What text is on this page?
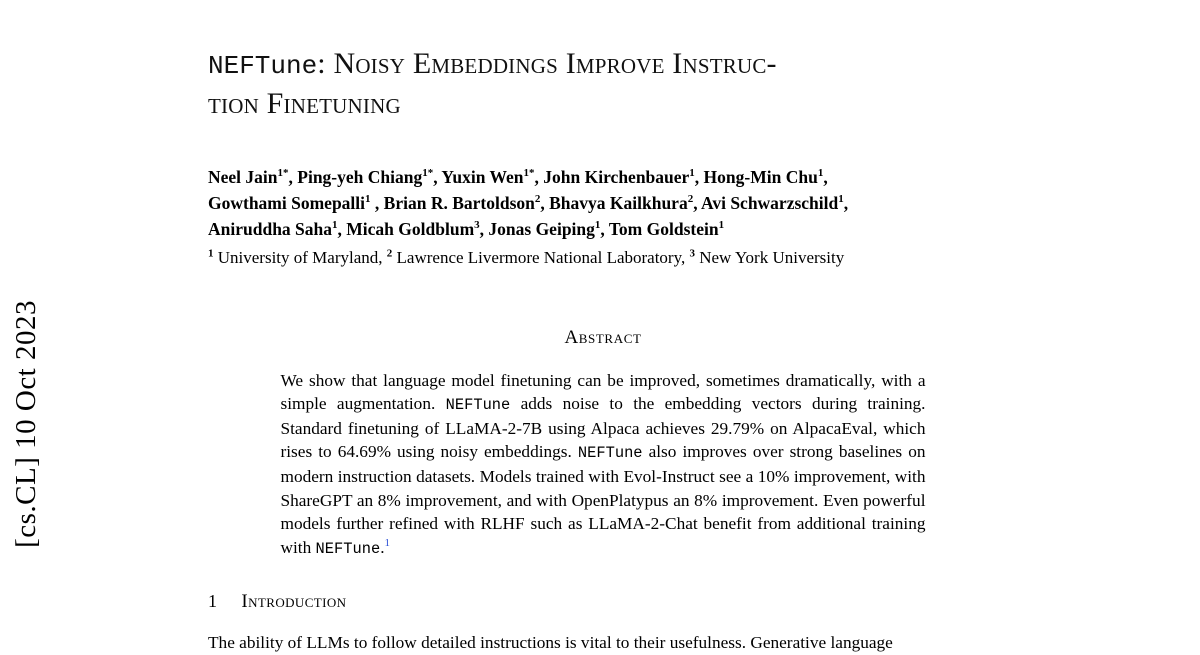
[cs.CL] 10 Oct 2023
NEFTune: Noisy Embeddings Improve Instruc-
tion Finetuning
Neel Jain$^{1*}$, Ping-yeh Chiang$^{1*}$, Yuxin Wen$^{1*}$, John Kirchenbauer$^1$, Hong-Min Chu$^1$,
Gowthami Somepalli$^1$ , Brian R. Bartoldson$^2$, Bhavya Kailkhura$^2$, Avi Schwarzschild$^1$,
Aniruddha Saha$^1$, Micah Goldblum$^3$, Jonas Geiping$^1$, Tom Goldstein$^1$
$^1$ University of Maryland, $^2$ Lawrence Livermore National Laboratory, $^3$ New York University
Abstract

We show that language model finetuning can be improved, sometimes dramatically, with a simple augmentation. NEFTune adds noise to the embedding vectors during training. Standard finetuning of LLaMA-2-7B using Alpaca achieves 29.79% on AlpacaEval, which rises to 64.69% using noisy embeddings. NEFTune also improves over strong baselines on modern instruction datasets. Models trained with Evol-Instruct see a 10% improvement, with ShareGPT an 8% improvement, and with OpenPlatypus an 8% improvement. Even powerful models further refined with RLHF such as LLaMA-2-Chat benefit from additional training with NEFTune.$^1$

1 Introduction

The ability of LLMs to follow detailed instructions is vital to their usefulness. Generative language
